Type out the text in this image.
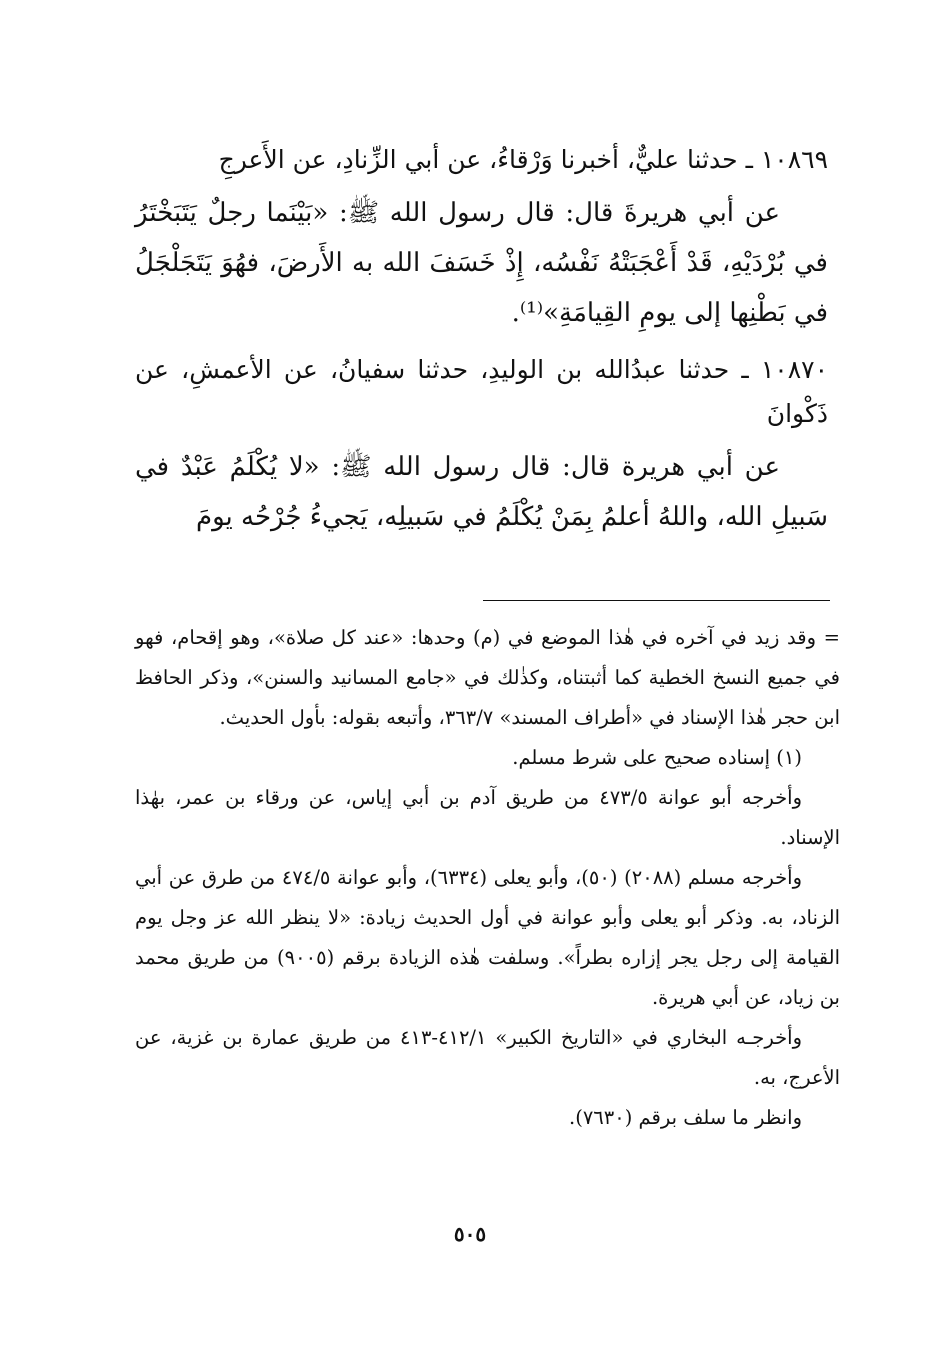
١٠٨٦٩ ـ حدثنا عليٌّ، أخبرنا وَرْقاءُ، عن أبي الزِّنادِ، عن الأَعرجِ

عن أبي هريرةَ قال: قال رسول الله ﷺ: «بَيْنَما رجلٌ يَتَبَخْتَرُ في بُرْدَيْهِ، قَدْ أَعْجَبَتْهُ نَفْسُه، إِذْ خَسَفَ الله به الأَرضَ، فهُوَ يَتَجَلْجَلُ في بَطْنِها إلى يومِ القِيامَةِ»⁽¹⁾.

١٠٨٧٠ ـ حدثنا عبدُالله بن الوليدِ، حدثنا سفيانُ، عن الأعمشِ، عن ذَكْوانَ

عن أبي هريرة قال: قال رسول الله ﷺ: «لا يُكْلَمُ عَبْدٌ في سَبيلِ الله، واللهُ أعلمُ بِمَنْ يُكْلَمُ في سَبيلِه، يَجيءُ جُرْحُه يومَ

= وقد زيد في آخره في هٰذا الموضع في (م) وحدها: «عند كل صلاة»، وهو إقحام، فهو في جميع النسخ الخطية كما أثبتناه، وكذٰلك في «جامع المسانيد والسنن»، وذكر الحافظ ابن حجر هٰذا الإسناد في «أطراف المسند» ٣٦٣/٧، وأتبعه بقوله: بأول الحديث.

(١) إسناده صحيح على شرط مسلم.

وأخرجه أبو عوانة ٤٧٣/٥ من طريق آدم بن أبي إياس، عن ورقاء بن عمر، بهٰذا الإسناد.

وأخرجه مسلم (٢٠٨٨) (٥٠)، وأبو يعلى (٦٣٣٤)، وأبو عوانة ٤٧٤/٥ من طرق عن أبي الزناد، به. وذكر أبو يعلى وأبو عوانة في أول الحديث زيادة: «لا ينظر الله عز وجل يوم القيامة إلى رجل يجر إزاره بطراً». وسلفت هٰذه الزيادة برقم (٩٠٠٥) من طريق محمد بن زياد، عن أبي هريرة.

وأخرجـه البخاري في «التاريخ الكبير» ٤١٢/١-٤١٣ من طريق عمارة بن غزية، عن الأعرج، به.

وانظر ما سلف برقم (٧٦٣٠).

٥٠٥
